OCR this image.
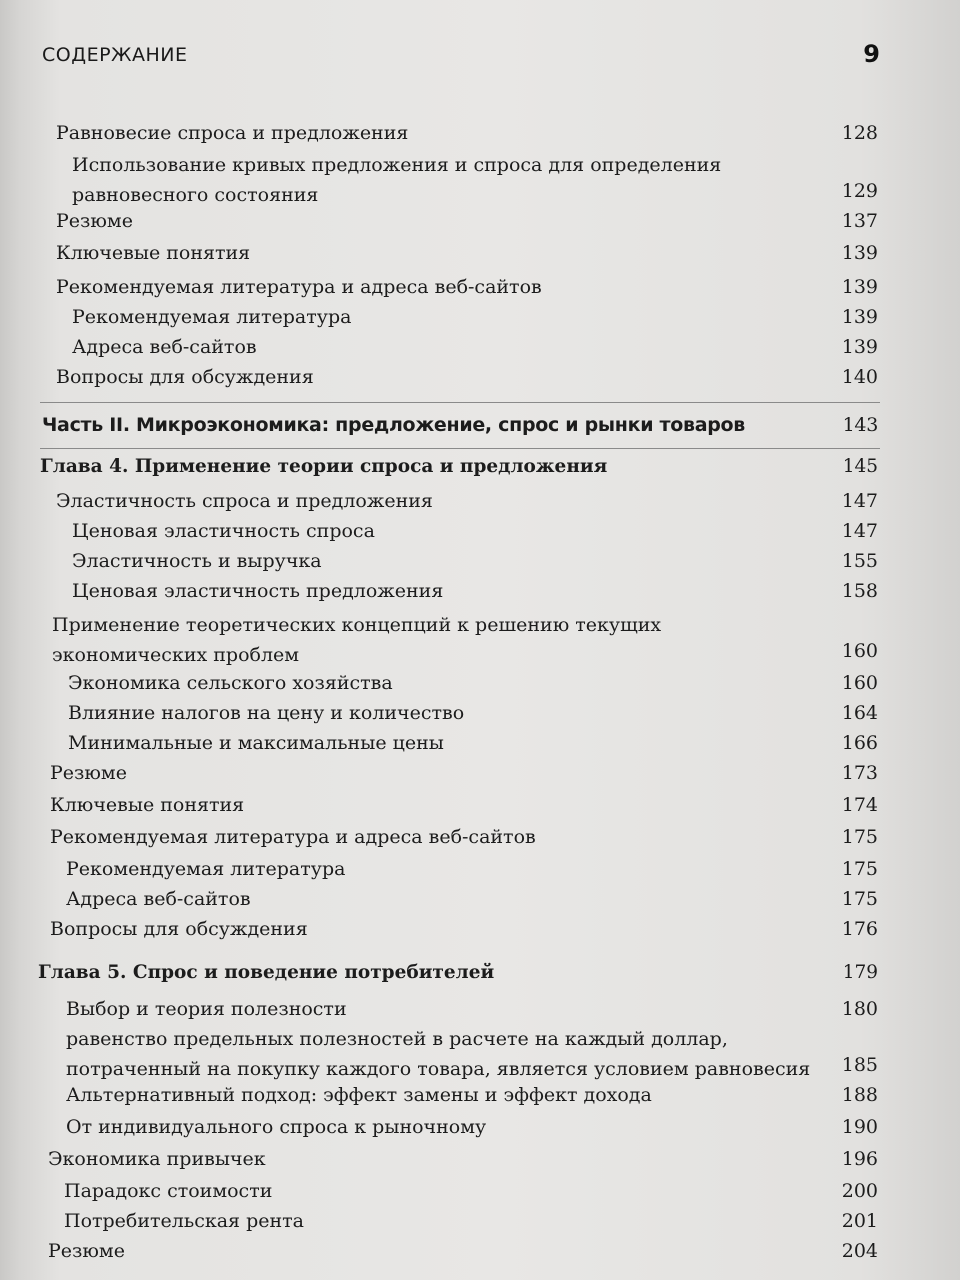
СОДЕРЖАНИЕ	9
Равновесие спроса и предложения	128
Использование кривых предложения и спроса для определения
равновесного состояния	129
Резюме	137
Ключевые понятия	139
Рекомендуемая литература и адреса веб-сайтов	139
Рекомендуемая литература	139
Адреса веб-сайтов	139
Вопросы для обсуждения	140
Часть II. Микроэкономика: предложение, спрос и рынки товаров	143
Глава 4. Применение теории спроса и предложения	145
Эластичность спроса и предложения	147
Ценовая эластичность спроса	147
Эластичность и выручка	155
Ценовая эластичность предложения	158
Применение теоретических концепций к решению текущих
экономических проблем	160
Экономика сельского хозяйства	160
Влияние налогов на цену и количество	164
Минимальные и максимальные цены	166
Резюме	173
Ключевые понятия	174
Рекомендуемая литература и адреса веб-сайтов	175
Рекомендуемая литература	175
Адреса веб-сайтов	175
Вопросы для обсуждения	176
Глава 5. Спрос и поведение потребителей	179
Выбор и теория полезности	180
равенство предельных полезностей в расчете на каждый доллар,
потраченный на покупку каждого товара, является условием равновесия 185
Альтернативный подход: эффект замены и эффект дохода	188
От индивидуального спроса к рыночному	190
Экономика привычек	196
Парадокс стоимости	200
Потребительская рента	201
Резюме	204
